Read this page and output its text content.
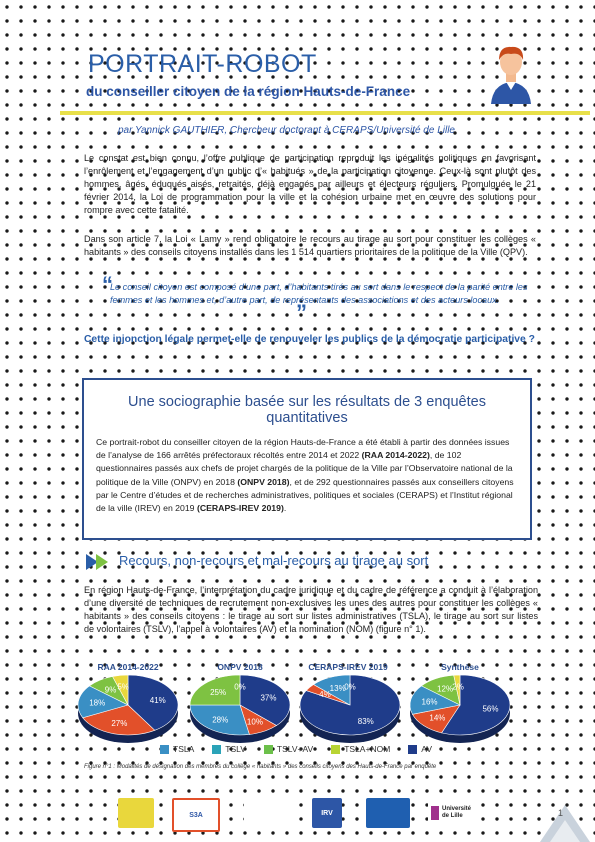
PORTRAIT-ROBOT
du conseiller citoyen de la région Hauts-de-France
par Yannick GAUTHIER, Chercheur doctorant à CERAPS/Université de Lille
Le constat est bien connu, l’offre publique de participation reproduit les inégalités politiques en favorisant l’enrôlement et l’engagement d’un public d’« habitués » de la participation citoyenne. Ceux-là sont plutôt des hommes, âgés, éduqués aisés, retraités, déjà engagés par ailleurs et électeurs réguliers. Promulguée le 21 février 2014, la Loi de programmation pour la ville et la cohésion urbaine met en œuvre des solutions pour rompre avec cette fatalité.
Dans son article 7, la Loi « Lamy » rend obligatoire le recours au tirage au sort pour constituer les collèges « habitants » des conseils citoyens installés dans les 1 514 quartiers prioritaires de la politique de la Ville (QPV).
“
Le conseil citoyen est composé d’une part, d’habitants tirés au sort dans le respect de la parité entre les femmes et les hommes et, d’autre part, de représentants des associations et des acteurs locaux.
”
Cette injonction légale permet-elle de renouveler les publics de la démocratie participative ?
Une sociographie basée sur les résultats de 3 enquêtes quantitatives
Ce portrait-robot du conseiller citoyen de la région Hauts-de-France a été établi à partir des données issues de l’analyse de 166 arrêtés préfectoraux récoltés entre 2014 et 2022 (RAA 2014-2022), de 102 questionnaires passés aux chefs de projet chargés de la politique de la Ville par l’Observatoire national de la politique de la Ville (ONPV) en 2018 (ONPV 2018), et de 292 questionnaires passés aux conseillers citoyens par le Centre d’études et de recherches administratives, politiques et sociales (CERAPS) et l’Institut régional de la ville (IREV) en 2019 (CERAPS-IREV 2019).
Recours, non-recours et mal-recours au tirage au sort
En région Hauts-de-France, l’interprétation du cadre juridique et du cadre de référence a conduit à l’élaboration d’une diversité de techniques de recrutement non-exclusives les unes des autres pour constituer les collèges « habitants » des conseils citoyens : le tirage au sort sur listes administratives (TSLA), le tirage au sort sur listes de volontaires (TSLV), l’appel à volontaires (AV) et la nomination (NOM) (figure n° 1).
RAA 2014-2022	ONPV 2018	CERAPS-IREV 2019	Synthèse
41%
27%
18%
9% 5%
37%
10%
28%
25%
0%
83%
4%
13%
0%
56%
14%
16%
12% 2%
TSLA	TSLV	TSLV+AV	TSLA+NOM	AV
Figure n°1 : Modalités de désignation des membres du collège « habitants » des conseils citoyens des Hauts-de-France par enquête
S3A	IRV
Université
de Lille	1
